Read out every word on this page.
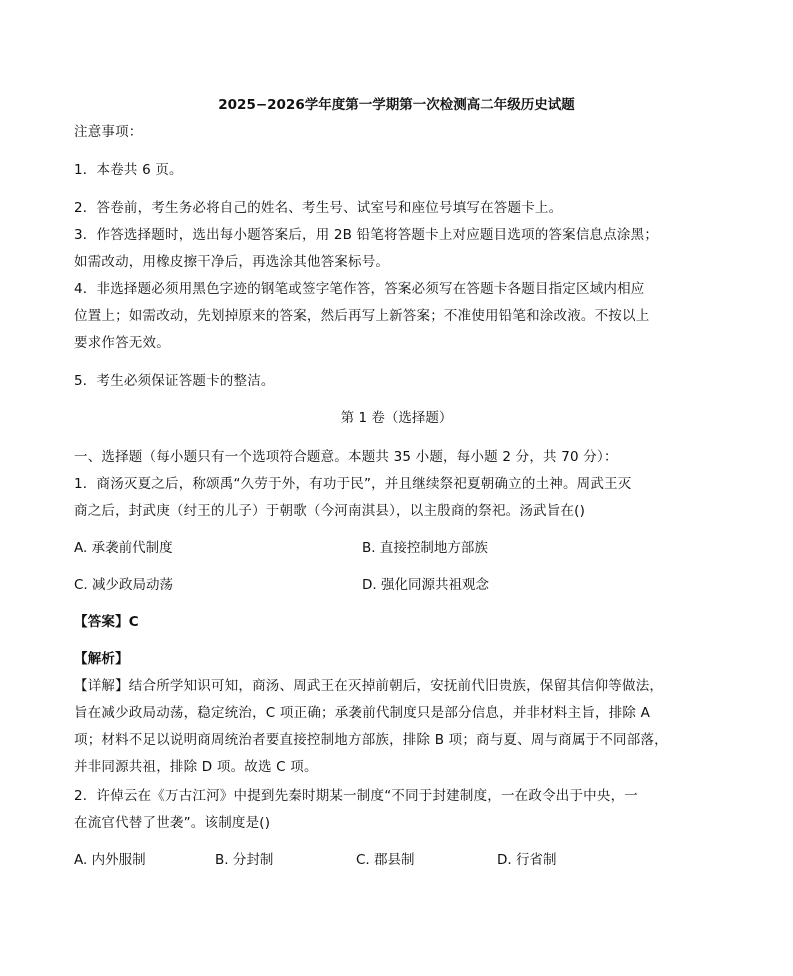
2025−2026学年度第一学期第一次检测高二年级历史试题
注意事项：
1．本卷共 6 页。
2．答卷前，考生务必将自己的姓名、考生号、试室号和座位号填写在答题卡上。
3．作答选择题时，选出每小题答案后，用 2B 铅笔将答题卡上对应题目选项的答案信息点涂黑；
如需改动，用橡皮擦干净后，再选涂其他答案标号。
4．非选择题必须用黑色字迹的钢笔或签字笔作答，答案必须写在答题卡各题目指定区域内相应
位置上；如需改动，先划掉原来的答案，然后再写上新答案；不准使用铅笔和涂改液。不按以上
要求作答无效。
5．考生必须保证答题卡的整洁。
第 1 卷（选择题）
一、选择题（每小题只有一个选项符合题意。本题共 35 小题，每小题 2 分，共 70 分）：
1．商汤灭夏之后，称颂禹“久劳于外，有功于民”，并且继续祭祀夏朝确立的土神。周武王灭
商之后，封武庚（纣王的儿子）于朝歌（今河南淇县），以主殷商的祭祀。汤武旨在()
A. 承袭前代制度	B. 直接控制地方部族
C. 减少政局动荡	D. 强化同源共祖观念
【答案】C
【解析】
【详解】结合所学知识可知，商汤、周武王在灭掉前朝后，安抚前代旧贵族，保留其信仰等做法，
旨在减少政局动荡，稳定统治，C 项正确；承袭前代制度只是部分信息，并非材料主旨，排除 A
项；材料不足以说明商周统治者要直接控制地方部族，排除 B 项；商与夏、周与商属于不同部落，
并非同源共祖，排除 D 项。故选 C 项。
2．许倬云在《万古江河》中提到先秦时期某一制度“不同于封建制度，一在政令出于中央，一
在流官代替了世袭”。该制度是()
A. 内外服制	B. 分封制	C. 郡县制	D. 行省制
